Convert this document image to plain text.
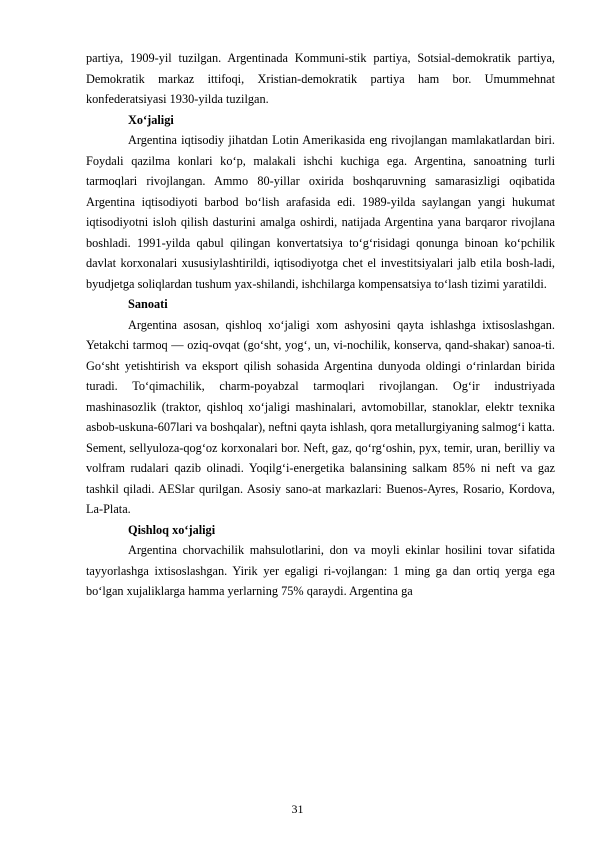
partiya, 1909-yil tuzilgan. Argentinada Kommuni-stik partiya, Sotsial-demokratik partiya, Demokratik markaz ittifoqi, Xristian-demokratik partiya ham bor. Umummehnat konfederatsiyasi 1930-yilda tuzilgan.

Xo‘jaligi

Argentina iqtisodiy jihatdan Lotin Amerikasida eng rivojlangan mamlakatlardan biri. Foydali qazilma konlari ko‘p, malakali ishchi kuchiga ega. Argentina, sanoatning turli tarmoqlari rivojlangan. Ammo 80-yillar oxirida boshqaruvning samarasizligi oqibatida Argentina iqtisodiyoti barbod bo‘lish arafasida edi. 1989-yilda saylangan yangi hukumat iqtisodiyotni isloh qilish dasturini amalga oshirdi, natijada Argentina yana barqaror rivojlana boshladi. 1991-yilda qabul qilingan konvertatsiya to‘g‘risidagi qonunga binoan ko‘pchilik davlat korxonalari xususiylashtirildi, iqtisodiyotga chet el investitsiyalari jalb etila bosh-ladi, byudjetga soliqlardan tushum yax-shilandi, ishchilarga kompensatsiya to‘lash tizimi yaratildi.

Sanoati

Argentina asosan, qishloq xo‘jaligi xom ashyosini qayta ishlashga ixtisoslashgan. Yetakchi tarmoq — oziq-ovqat (go‘sht, yog‘, un, vi-nochilik, konserva, qand-shakar) sanoa-ti. Go‘sht yetishtirish va eksport qilish sohasida Argentina dunyoda oldingi o‘rinlardan birida turadi. To‘qimachilik, charm-poyabzal tarmoqlari rivojlangan. Og‘ir industriyada mashinasozlik (traktor, qishloq xo‘jaligi mashinalari, avtomobillar, stanoklar, elektr texnika asbob-uskuna-607lari va boshqalar), neftni qayta ishlash, qora metallurgiyaning salmog‘i katta. Sement, sellyuloza-qog‘oz korxonalari bor. Neft, gaz, qo‘rg‘oshin, pyx, temir, uran, berilliy va volfram rudalari qazib olinadi. Yoqilg‘i-energetika balansining salkam 85% ni neft va gaz tashkil qiladi. AESlar qurilgan. Asosiy sano-at markazlari: Buenos-Ayres, Rosario, Kordova, La-Plata.

Qishloq xo‘jaligi

Argentina chorvachilik mahsulotlarini, don va moyli ekinlar hosilini tovar sifatida tayyorlashga ixtisoslashgan. Yirik yer egaligi ri-vojlangan: 1 ming ga dan ortiq yerga ega bo‘lgan xujaliklarga hamma yerlarning 75% qaraydi. Argentina ga

31
